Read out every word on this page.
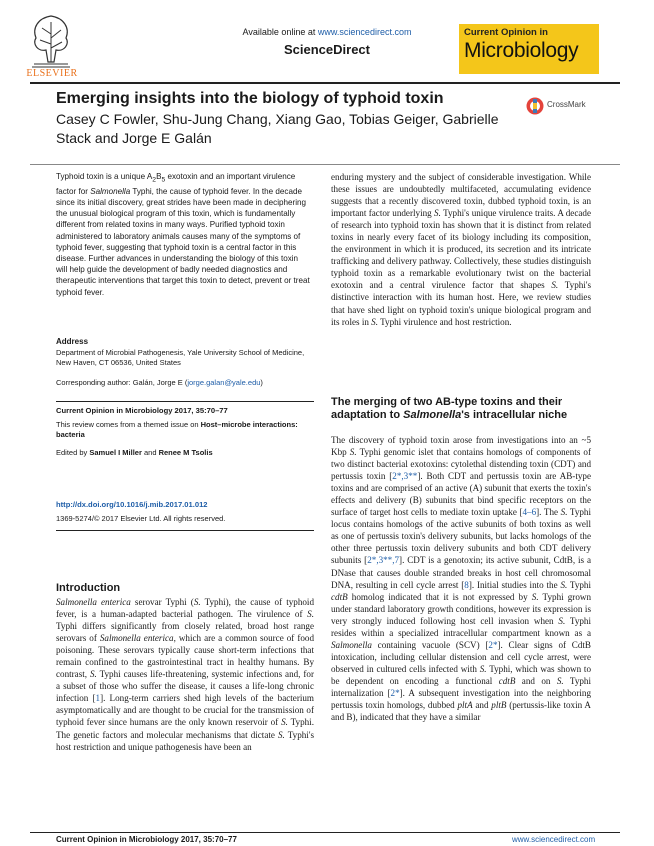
ELSEVIER
Available online at www.sciencedirect.com
ScienceDirect
Current Opinion in
Microbiology
Emerging insights into the biology of typhoid toxin
Casey C Fowler, Shu-Jung Chang, Xiang Gao, Tobias Geiger, Gabrielle Stack and Jorge E Galán
CrossMark

Typhoid toxin is a unique $A_2B_5$ exotoxin and an important virulence factor for Salmonella Typhi, the cause of typhoid fever. In the decade since its initial discovery, great strides have been made in deciphering the unusual biological program of this toxin, which is fundamentally different from related toxins in many ways. Purified typhoid toxin administered to laboratory animals causes many of the symptoms of typhoid fever, suggesting that typhoid toxin is a central factor in this disease. Further advances in understanding the biology of this toxin will help guide the development of badly needed diagnostics and therapeutic interventions that target this toxin to detect, prevent or treat typhoid fever.

Address
Department of Microbial Pathogenesis, Yale University School of Medicine, New Haven, CT 06536, United States
Corresponding author: Galán, Jorge E (jorge.galan@yale.edu)
Current Opinion in Microbiology 2017, 35:70–77
This review comes from a themed issue on Host–microbe interactions: bacteria
Edited by Samuel I Miller and Renee M Tsolis
http://dx.doi.org/10.1016/j.mib.2017.01.012
1369-5274/© 2017 Elsevier Ltd. All rights reserved.
Introduction

Salmonella enterica serovar Typhi (S. Typhi), the cause of typhoid fever, is a human-adapted bacterial pathogen. The virulence of S. Typhi differs significantly from closely related, broad host range serovars of Salmonella enterica, which are a common source of food poisoning. These serovars typically cause short-term infections that remain confined to the gastrointestinal tract in healthy humans. By contrast, S. Typhi causes life-threatening, systemic infections and, for a subset of those who suffer the disease, it causes a life-long chronic infection [1]. Long-term carriers shed high levels of the bacterium asymptomatically and are thought to be crucial for the transmission of typhoid fever since humans are the only known reservoir of S. Typhi. The genetic factors and molecular mechanisms that dictate S. Typhi's host restriction and unique pathogenesis have been an

enduring mystery and the subject of considerable investigation. While these issues are undoubtedly multifaceted, accumulating evidence suggests that a recently discovered toxin, dubbed typhoid toxin, is an important factor underlying S. Typhi's unique virulence traits. A decade of research into typhoid toxin has shown that it is distinct from related toxins in nearly every facet of its biology including its composition, the environment in which it is produced, its secretion and its intricate trafficking and delivery pathway. Collectively, these studies distinguish typhoid toxin as a remarkable evolutionary twist on the bacterial exotoxin and a central virulence factor that shapes S. Typhi's distinctive interaction with its human host. Here, we review studies that have shed light on typhoid toxin's unique biological program and its roles in S. Typhi virulence and host restriction.

The merging of two AB-type toxins and their adaptation to Salmonella's intracellular niche

The discovery of typhoid toxin arose from investigations into an ~5 Kbp S. Typhi genomic islet that contains homologs of components of two distinct bacterial exotoxins: cytolethal distending toxin (CDT) and pertussis toxin [2*,3**]. Both CDT and pertussis toxin are AB-type toxins and are comprised of an active (A) subunit that exerts the toxin's effects and delivery (B) subunits that bind specific receptors on the surface of target host cells to mediate toxin uptake [4–6]. The S. Typhi locus contains homologs of the active subunits of both toxins as well as one of pertussis toxin's delivery subunits, but lacks homologs of the other three pertussis toxin delivery subunits and both CDT delivery subunits [2*,3**,7]. CDT is a genotoxin; its active subunit, CdtB, is a DNase that causes double stranded breaks in host cell chromosomal DNA, resulting in cell cycle arrest [8]. Initial studies into the S. Typhi cdtB homolog indicated that it is not expressed by S. Typhi grown under standard laboratory growth conditions, however its expression is very strongly induced following host cell invasion when S. Typhi resides within a specialized intracellular compartment known as a Salmonella containing vacuole (SCV) [2*]. Clear signs of CdtB intoxication, including cellular distension and cell cycle arrest, were observed in cultured cells infected with S. Typhi, which was shown to be dependent on encoding a functional cdtB and on S. Typhi internalization [2*]. A subsequent investigation into the neighboring pertussis toxin homologs, dubbed pltA and pltB (pertussis-like toxin A and B), indicated that they have a similar

Current Opinion in Microbiology 2017, 35:70–77	www.sciencedirect.com
